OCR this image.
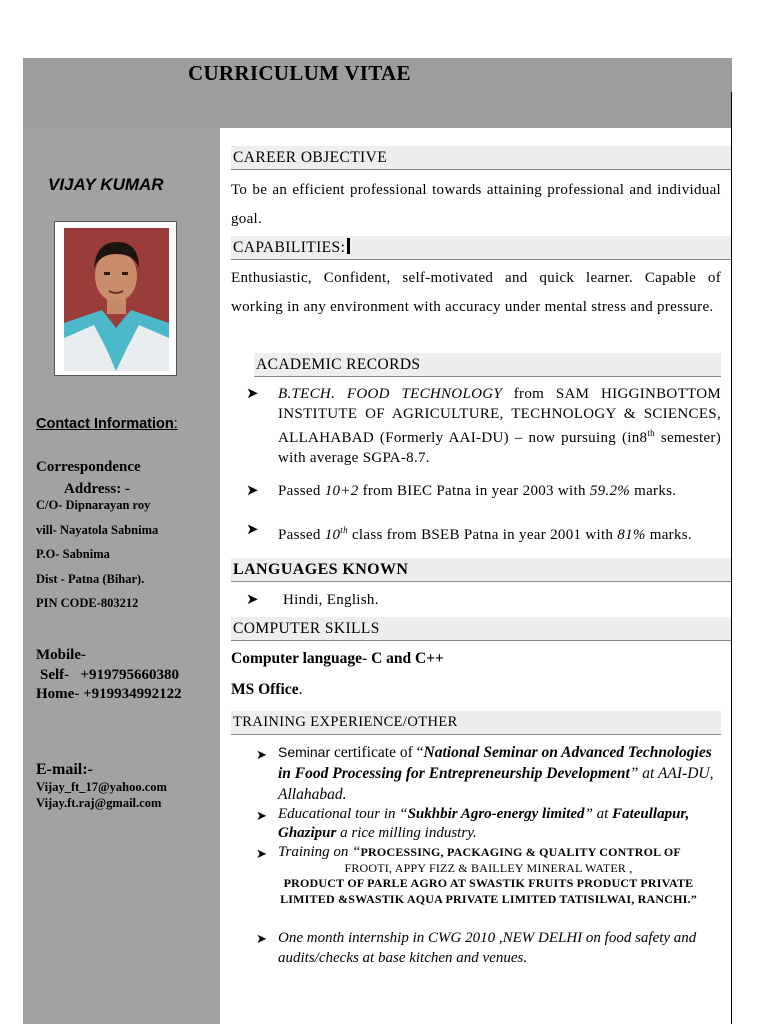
CURRICULUM VITAE
VIJAY KUMAR
Contact Information:
Correspondence
Address: -
C/O- Dipnarayan roy
vill- Nayatola Sabnima
P.O- Sabnima
Dist - Patna (Bihar).
PIN CODE-803212
Mobile-
Self-   +919795660380
Home- +919934992122
E-mail:-
Vijay_ft_17@yahoo.com
Vijay.ft.raj@gmail.com
CAREER OBJECTIVE
To be an efficient professional towards attaining professional and individual goal.
CAPABILITIES:
Enthusiastic, Confident, self-motivated and quick learner. Capable of working in any environment with accuracy under mental stress and pressure.
ACADEMIC RECORDS
➤ B.TECH. FOOD TECHNOLOGY from SAM HIGGINBOTTOM INSTITUTE OF AGRICULTURE, TECHNOLOGY & SCIENCES, ALLAHABAD (Formerly AAI-DU) – now pursuing (in8th semester) with average SGPA-8.7.
➤ Passed 10+2 from BIEC Patna in year 2003 with 59.2% marks.
➤ Passed 10th class from BSEB Patna in year 2001 with 81% marks.
LANGUAGES KNOWN
➤ Hindi, English.
COMPUTER SKILLS
Computer language- C and C++
MS Office.
TRAINING EXPERIENCE/OTHER
➤ Seminar certificate of “National Seminar on Advanced Technologies in Food Processing for Entrepreneurship Development” at AAI-DU, Allahabad.
➤ Educational tour in “Sukhbir Agro-energy limited” at Fateullapur, Ghazipur a rice milling industry.
➤ Training on “PROCESSING, PACKAGING & QUALITY CONTROL OF
FROOTI, APPY FIZZ & BAILLEY MINERAL WATER ,
PRODUCT OF PARLE AGRO AT SWASTIK FRUITS PRODUCT PRIVATE LIMITED &SWASTIK AQUA PRIVATE LIMITED TATISILWAI, RANCHI.”
➤ One month internship in CWG 2010 ,NEW DELHI on food safety and audits/checks at base kitchen and venues.
